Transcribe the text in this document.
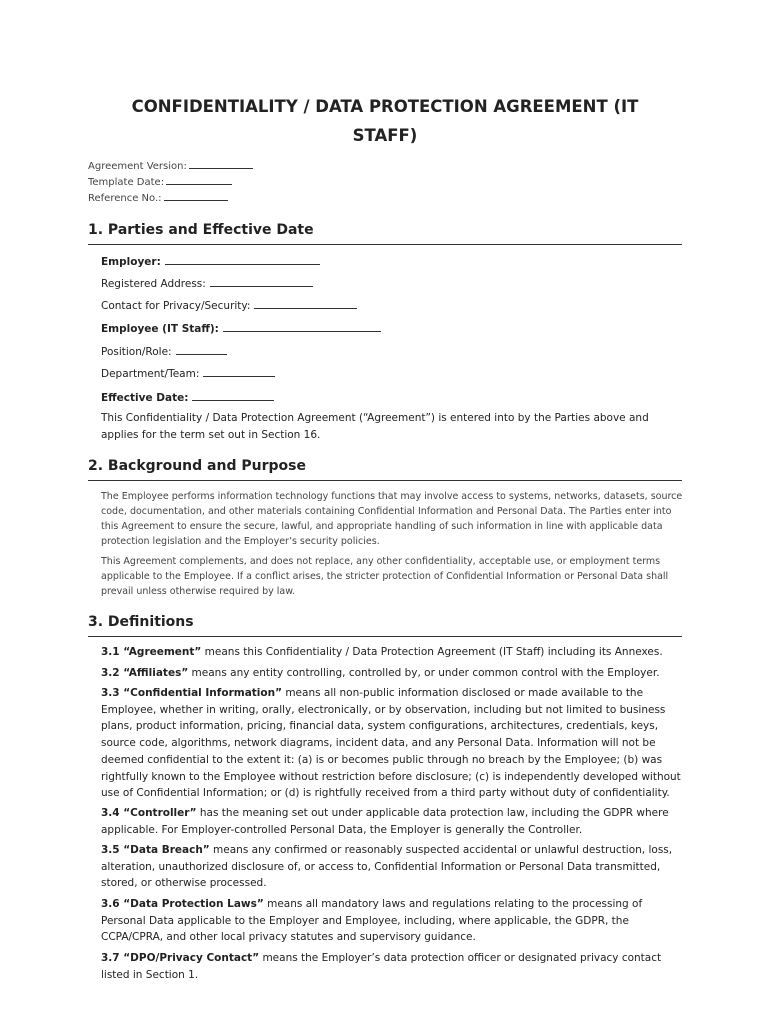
CONFIDENTIALITY / DATA PROTECTION AGREEMENT (IT STAFF)
Agreement Version:
Template Date:
Reference No.:
1. Parties and Effective Date
Employer:
Registered Address:
Contact for Privacy/Security:
Employee (IT Staff):
Position/Role:
Department/Team:
Effective Date:
This Confidentiality / Data Protection Agreement (“Agreement”) is entered into by the Parties above and applies for the term set out in Section 16.
2. Background and Purpose
The Employee performs information technology functions that may involve access to systems, networks, datasets, source code, documentation, and other materials containing Confidential Information and Personal Data. The Parties enter into this Agreement to ensure the secure, lawful, and appropriate handling of such information in line with applicable data protection legislation and the Employer’s security policies.
This Agreement complements, and does not replace, any other confidentiality, acceptable use, or employment terms applicable to the Employee. If a conflict arises, the stricter protection of Confidential Information or Personal Data shall prevail unless otherwise required by law.
3. Definitions
3.1 “Agreement” means this Confidentiality / Data Protection Agreement (IT Staff) including its Annexes.
3.2 “Affiliates” means any entity controlling, controlled by, or under common control with the Employer.
3.3 “Confidential Information” means all non-public information disclosed or made available to the Employee, whether in writing, orally, electronically, or by observation, including but not limited to business plans, product information, pricing, financial data, system configurations, architectures, credentials, keys, source code, algorithms, network diagrams, incident data, and any Personal Data. Information will not be deemed confidential to the extent it: (a) is or becomes public through no breach by the Employee; (b) was rightfully known to the Employee without restriction before disclosure; (c) is independently developed without use of Confidential Information; or (d) is rightfully received from a third party without duty of confidentiality.
3.4 “Controller” has the meaning set out under applicable data protection law, including the GDPR where applicable. For Employer-controlled Personal Data, the Employer is generally the Controller.
3.5 “Data Breach” means any confirmed or reasonably suspected accidental or unlawful destruction, loss, alteration, unauthorized disclosure of, or access to, Confidential Information or Personal Data transmitted, stored, or otherwise processed.
3.6 “Data Protection Laws” means all mandatory laws and regulations relating to the processing of Personal Data applicable to the Employer and Employee, including, where applicable, the GDPR, the CCPA/CPRA, and other local privacy statutes and supervisory guidance.
3.7 “DPO/Privacy Contact” means the Employer’s data protection officer or designated privacy contact listed in Section 1.
